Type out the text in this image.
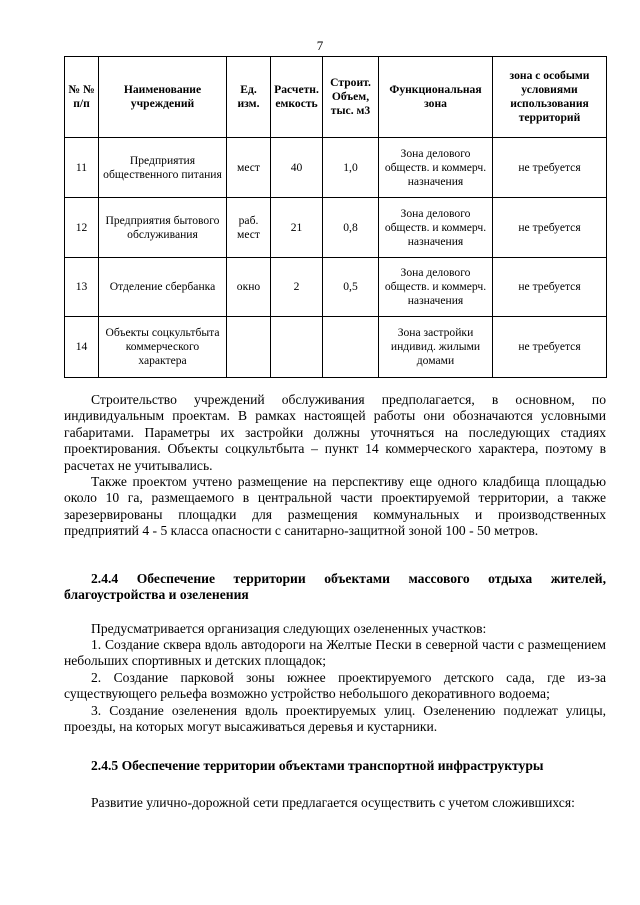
7
№ № п/п	Наименование учреждений	Ед. изм.	Расчетн. емкость	Строит. Объем, тыс. м3	Функциональная зона	зона с особыми условиями использования территорий
11	Предприятия общественного питания	мест	40	1,0	Зона делового обществ. и коммерч. назначения	не требуется
12	Предприятия бытового обслуживания	раб. мест	21	0,8	Зона делового обществ. и коммерч. назначения	не требуется
13	Отделение сбербанка	окно	2	0,5	Зона делового обществ. и коммерч. назначения	не требуется
14	Объекты соцкультбыта коммерческого характера				Зона застройки индивид. жилыми домами	не требуется

Строительство учреждений обслуживания предполагается, в основном, по индивидуальным проектам. В рамках настоящей работы они обозначаются условными габаритами. Параметры их застройки должны уточняться на последующих стадиях проектирования. Объекты соцкультбыта – пункт 14 коммерческого характера, поэтому в расчетах не учитывались.

Также проектом учтено размещение на перспективу еще одного кладбища площадью около 10 га, размещаемого в центральной части проектируемой территории, а также зарезервированы площадки для размещения коммунальных и производственных предприятий 4 - 5 класса опасности с санитарно-защитной зоной 100 - 50 метров.

2.4.4 Обеспечение территории объектами массового отдыха жителей, благоустройства и озеленения

Предусматривается организация следующих озелененных участков:

1. Создание сквера вдоль автодороги на Желтые Пески в северной части с размещением небольших спортивных и детских площадок;

2. Создание парковой зоны южнее проектируемого детского сада, где из-за существующего рельефа возможно устройство небольшого декоративного водоема;

3. Создание озеленения вдоль проектируемых улиц. Озеленению подлежат улицы, проезды, на которых могут высаживаться деревья и кустарники.

2.4.5 Обеспечение территории объектами транспортной инфраструктуры

Развитие улично-дорожной сети предлагается осуществить с учетом сложившихся:
